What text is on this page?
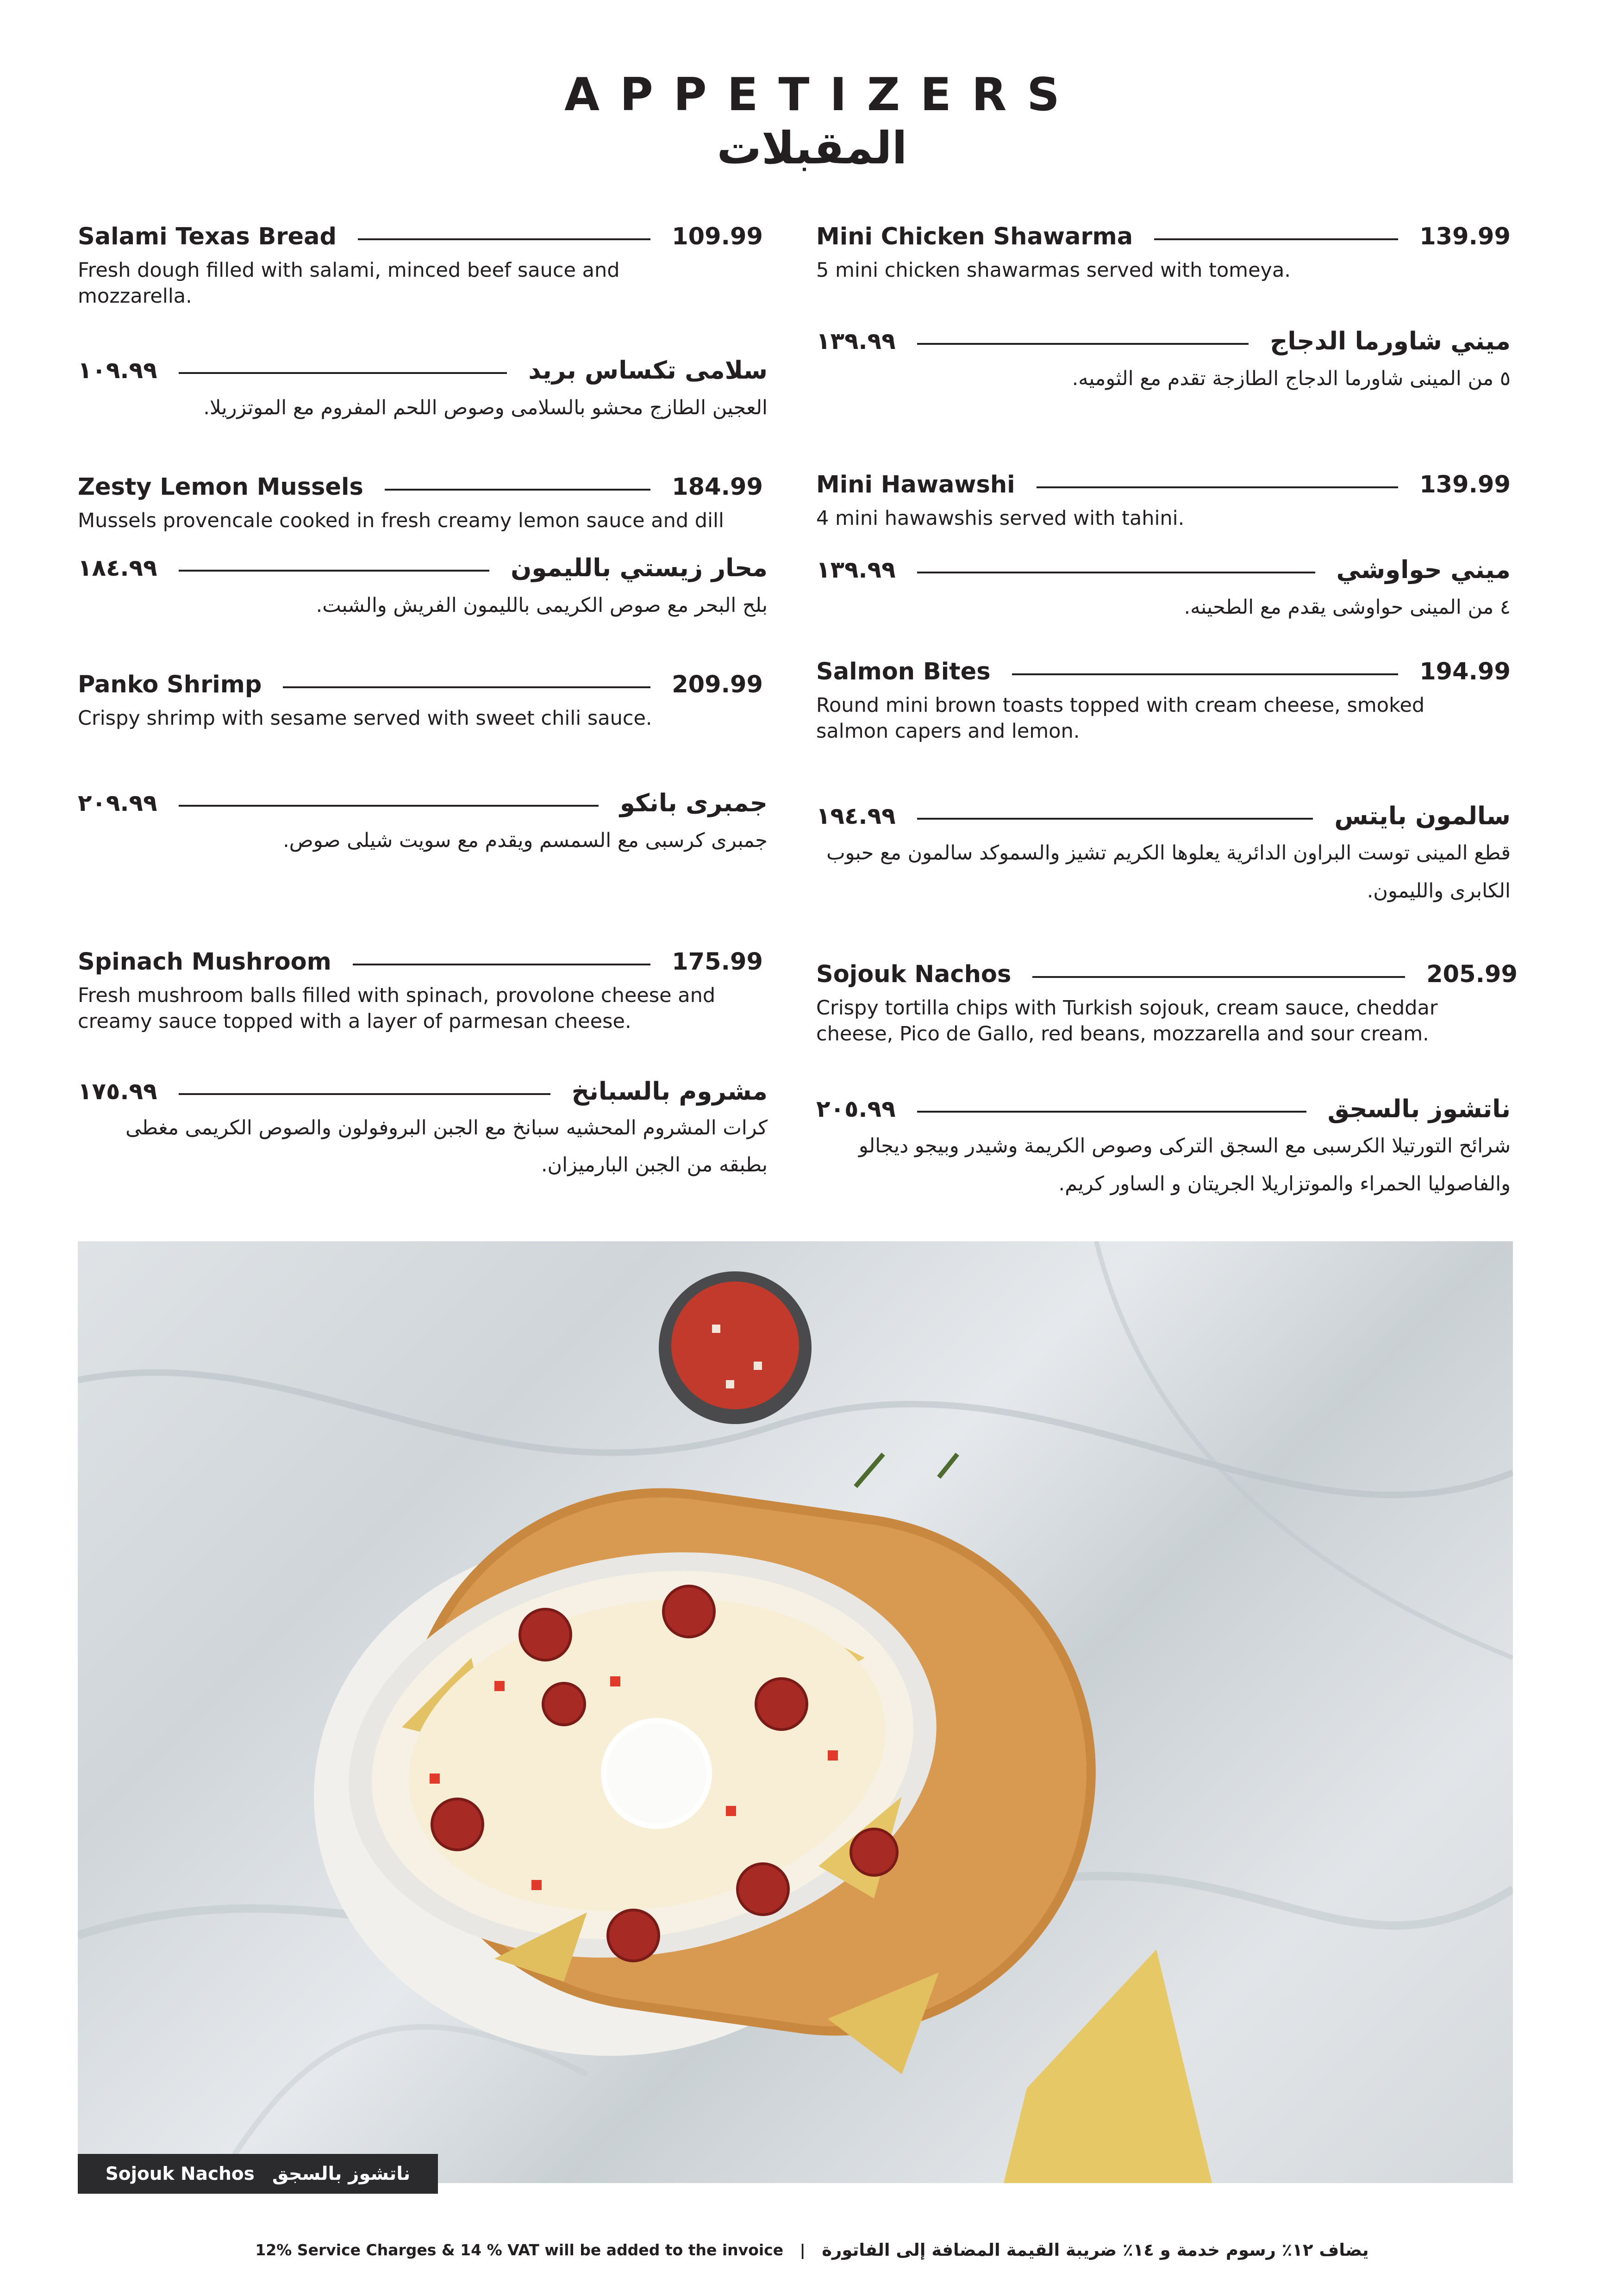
APPETIZERS
المقبلات
Salami Texas Bread	109.99
Fresh dough filled with salami, minced beef sauce and mozzarella.
سلامى تكساس بريد
١٠٩.٩٩
العجين الطازج محشو بالسلامى وصوص اللحم المفروم مع الموتزريلا.
Zesty Lemon Mussels	184.99
Mussels provencale cooked in fresh creamy lemon sauce and dill
محار زيستي بالليمون
١٨٤.٩٩
بلح البحر مع صوص الكريمى بالليمون الفريش والشبت.
Panko Shrimp	209.99
Crispy shrimp with sesame served with sweet chili sauce.
جمبرى بانكو
٢٠٩.٩٩
جمبرى كرسبى مع السمسم ويقدم مع سويت شيلى صوص.
Spinach Mushroom	175.99
Fresh mushroom balls filled with spinach, provolone cheese and creamy sauce topped with a layer of parmesan cheese.
مشروم بالسبانخ
١٧٥.٩٩
كرات المشروم المحشيه سبانخ مع الجبن البروفولون والصوص الكريمى مغطى بطبقه من الجبن البارميزان.
Mini Chicken Shawarma	139.99
5 mini chicken shawarmas served with tomeya.
ميني شاورما الدجاج
١٣٩.٩٩
٥ من المينى شاورما الدجاج الطازجة تقدم مع الثوميه.
Mini Hawawshi	139.99
4 mini hawawshis served with tahini.
ميني حواوشي
١٣٩.٩٩
٤ من المينى حواوشى يقدم مع الطحينه.
Salmon Bites	194.99
Round mini brown toasts topped with cream cheese, smoked salmon capers and lemon.
سالمون بايتس
١٩٤.٩٩
قطع المينى توست البراون الدائرية يعلوها الكريم تشيز والسموكد سالمون مع حبوب الكابرى والليمون.
Sojouk Nachos	205.99
Crispy tortilla chips with Turkish sojouk, cream sauce, cheddar cheese, Pico de Gallo, red beans, mozzarella and sour cream.
ناتشوز بالسجق
٢٠٥.٩٩
شرائح التورتيلا الكرسبى مع السجق التركى وصوص الكريمة وشيدر وبيجو ديجالو والفاصوليا الحمراء والموتزاريلا الجريتان و الساور كريم.
Sojouk Nachos ناتشوز بالسجق
12% Service Charges & 14 % VAT will be added to the invoice | يضاف ١٢٪ رسوم خدمة و ١٤٪ ضريبة القيمة المضافة إلى الفاتورة
